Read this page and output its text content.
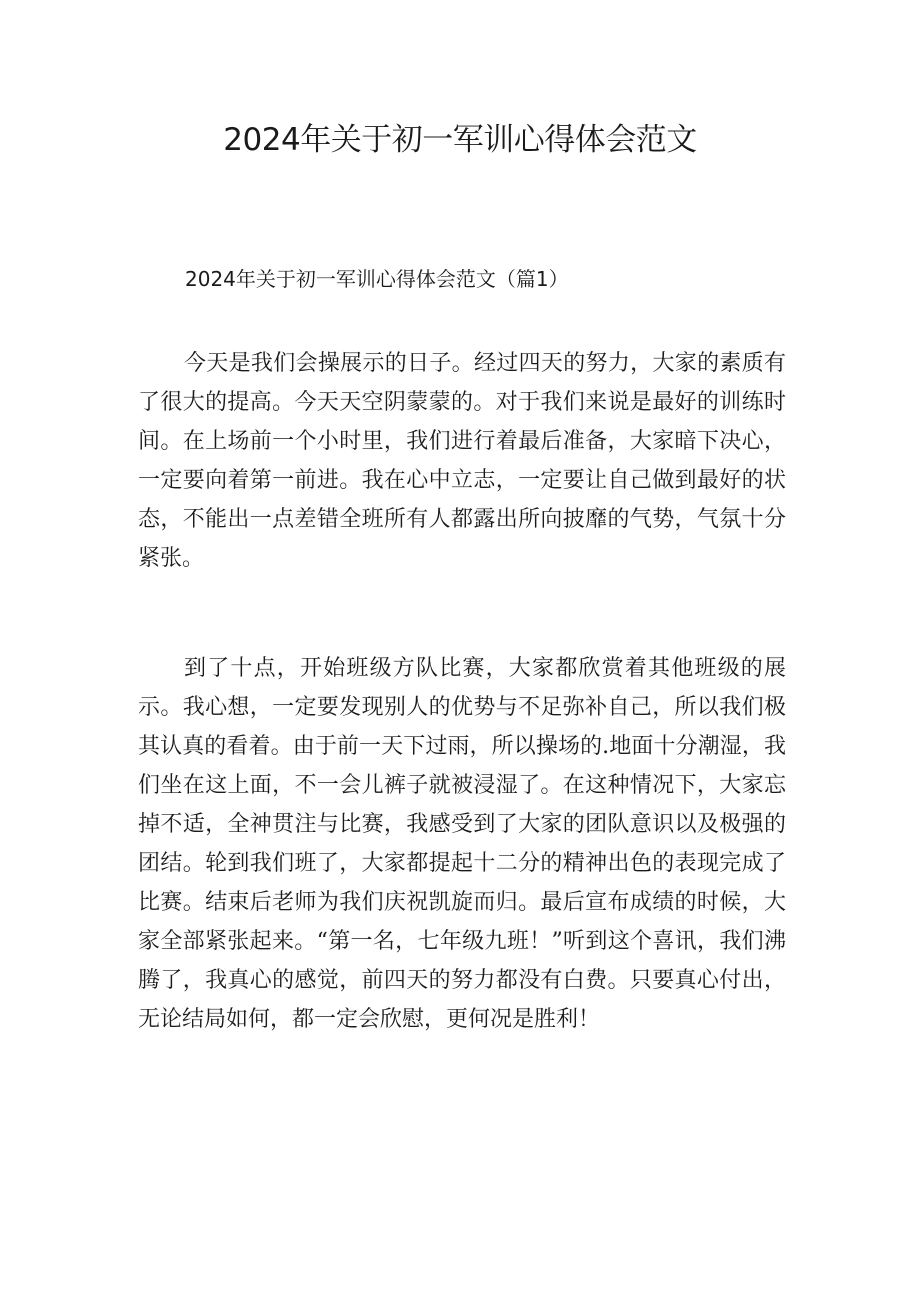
2024年关于初一军训心得体会范文

2024年关于初一军训心得体会范文（篇1）

今天是我们会操展示的日子。经过四天的努力，大家的素质有了很大的提高。今天天空阴蒙蒙的。对于我们来说是最好的训练时间。在上场前一个小时里，我们进行着最后准备，大家暗下决心，一定要向着第一前进。我在心中立志，一定要让自己做到最好的状态，不能出一点差错全班所有人都露出所向披靡的气势，气氛十分紧张。

到了十点，开始班级方队比赛，大家都欣赏着其他班级的展示。我心想，一定要发现别人的优势与不足弥补自己，所以我们极其认真的看着。由于前一天下过雨，所以操场的.地面十分潮湿，我们坐在这上面，不一会儿裤子就被浸湿了。在这种情况下，大家忘掉不适，全神贯注与比赛，我感受到了大家的团队意识以及极强的团结。轮到我们班了，大家都提起十二分的精神出色的表现完成了比赛。结束后老师为我们庆祝凯旋而归。最后宣布成绩的时候，大家全部紧张起来。“第一名，七年级九班！”听到这个喜讯，我们沸腾了，我真心的感觉，前四天的努力都没有白费。只要真心付出，无论结局如何，都一定会欣慰，更何况是胜利！
